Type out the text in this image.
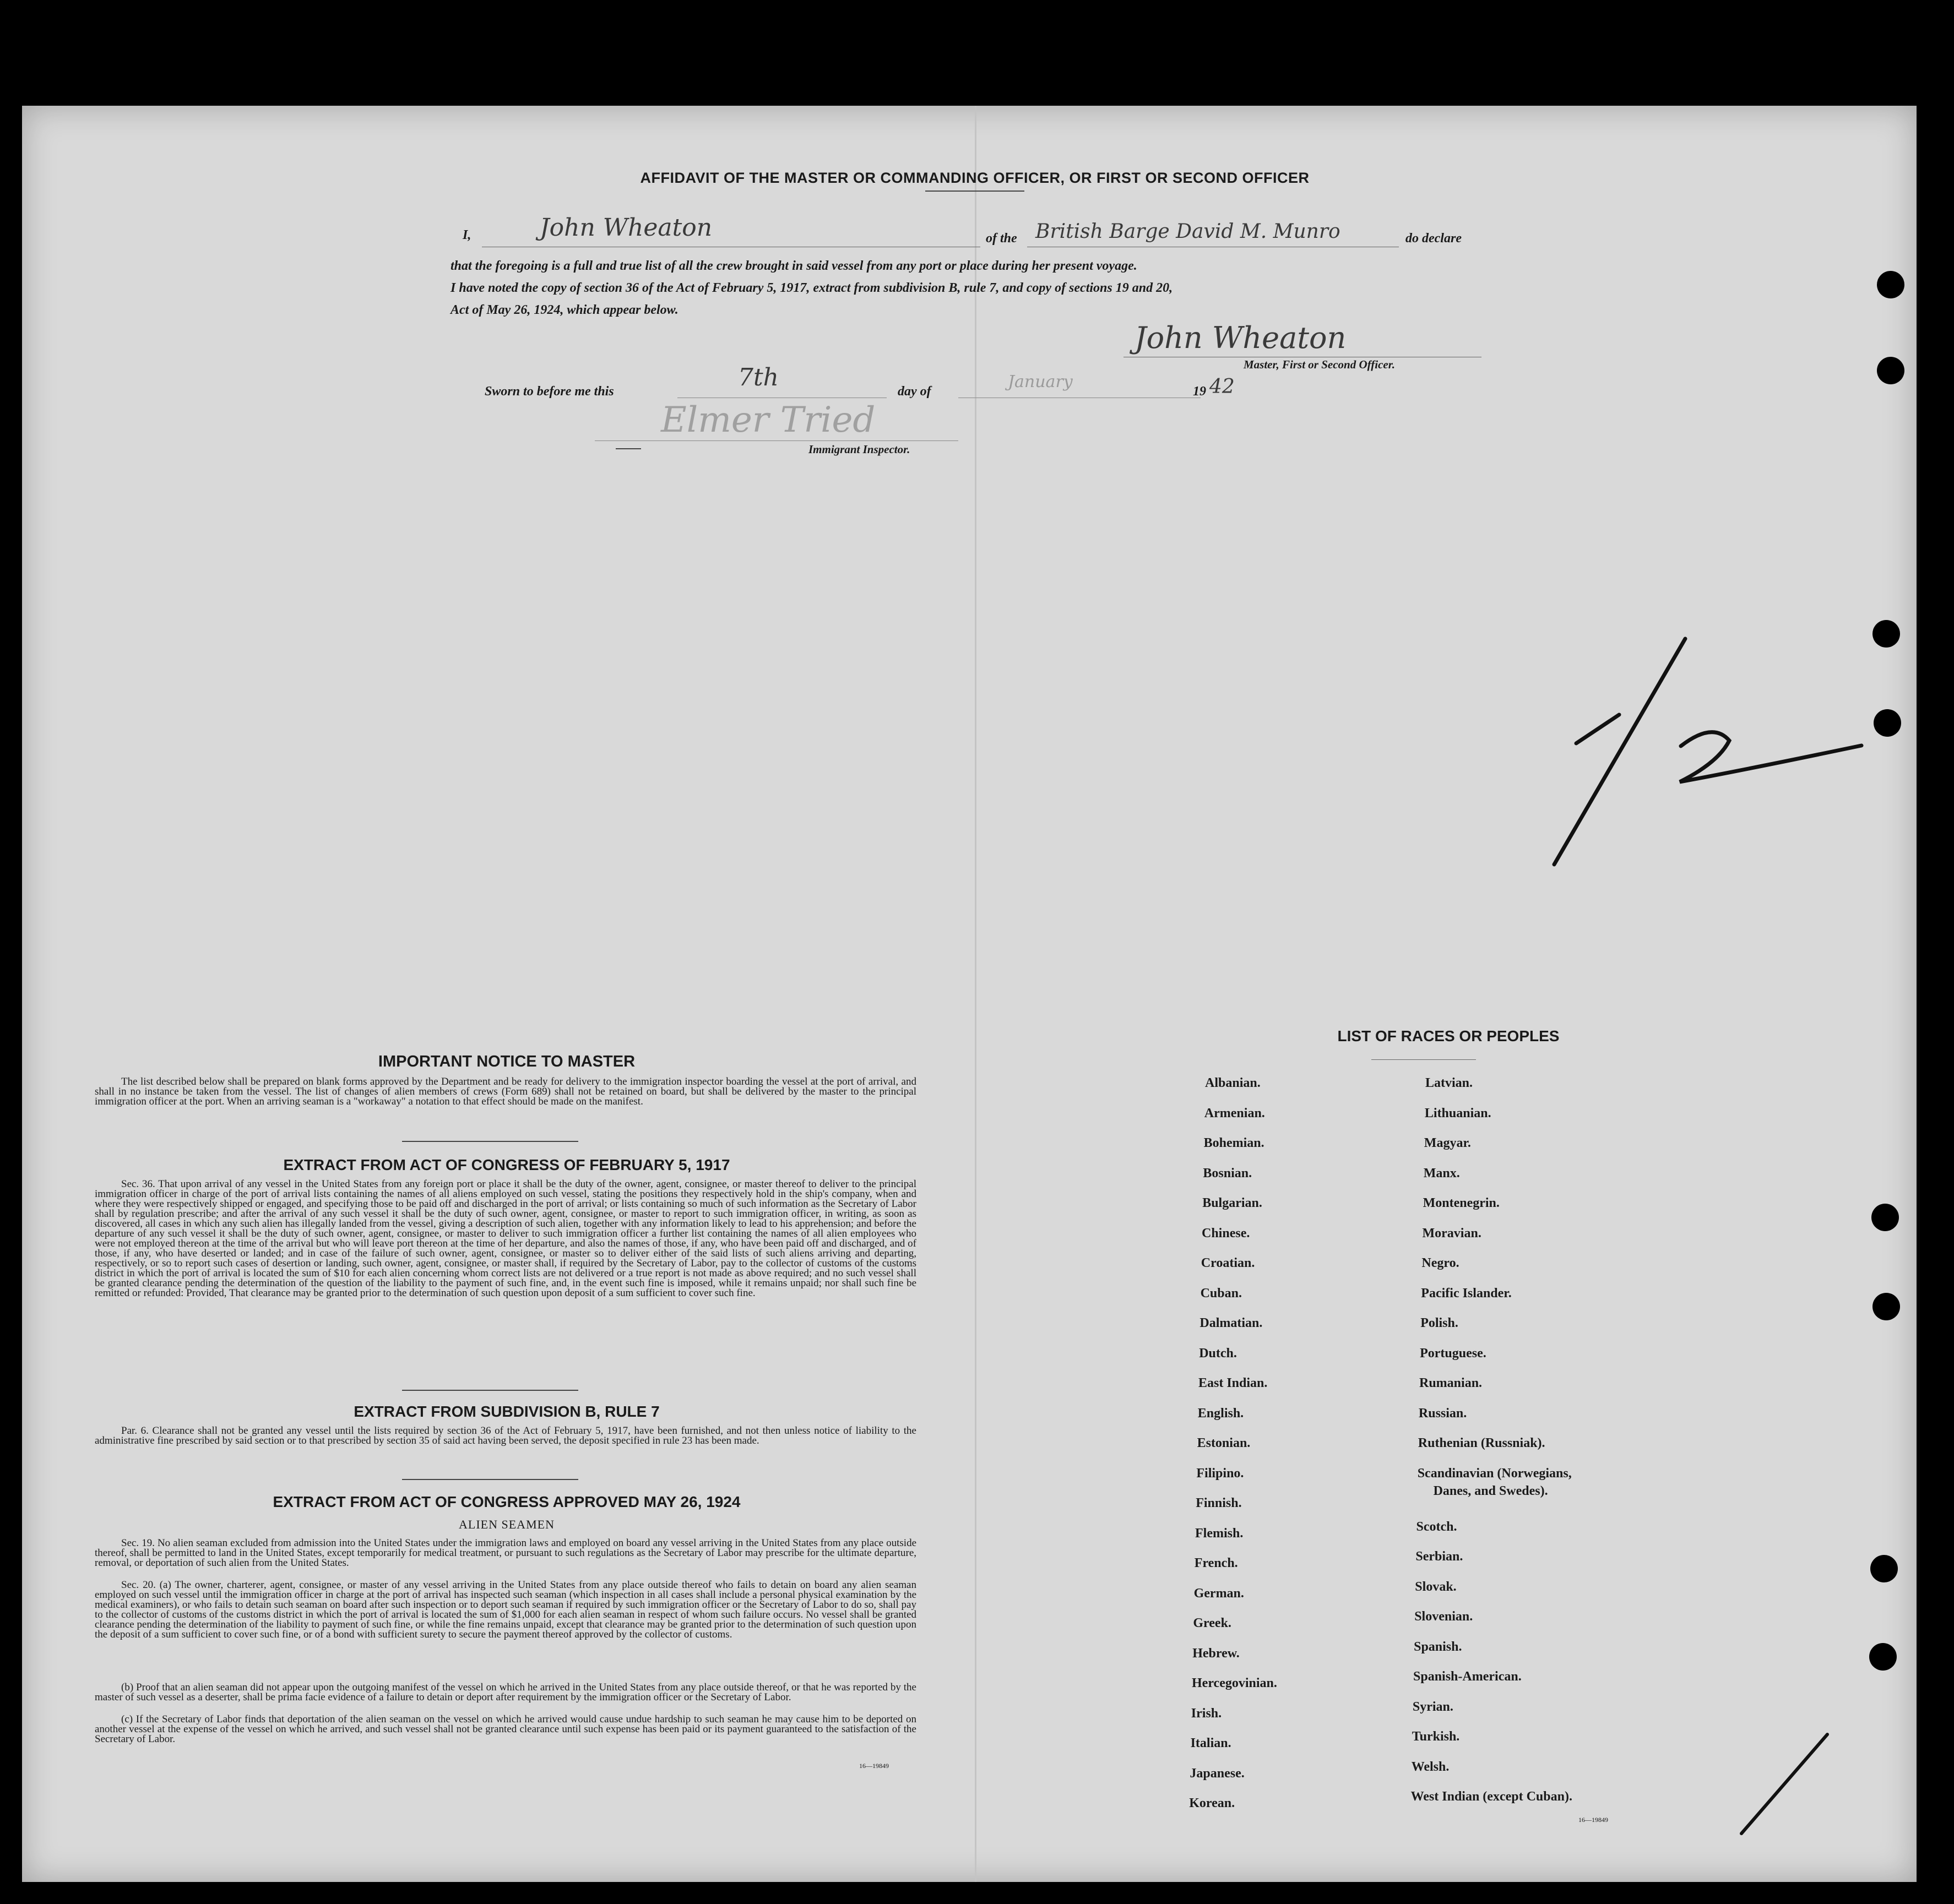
AFFIDAVIT OF THE MASTER OR COMMANDING OFFICER, OR FIRST OR SECOND OFFICER
I,	John Wheaton	of the British Barge David M. Munro	do declare
that the foregoing is a full and true list of all the crew brought in said vessel from any port or place during her present voyage.
I have noted the copy of section 36 of the Act of February 5, 1917, extract from subdivision B, rule 7, and copy of sections 19 and 20,
Act of May 26, 1924, which appear below.
John Wheaton
Master, First or Second Officer.
Sworn to before me this	7th	day of	January	19 42
Elmer Tried
Immigrant Inspector.
IMPORTANT NOTICE TO MASTER
The list described below shall be prepared on blank forms approved by the Department and be ready for delivery to the immigration inspector boarding the vessel at the port of arrival, and shall in no instance be taken from the vessel. The list of changes of alien members of crews (Form 689) shall not be retained on board, but shall be delivered by the master to the principal immigration officer at the port. When an arriving seaman is a "workaway" a notation to that effect should be made on the manifest.
EXTRACT FROM ACT OF CONGRESS OF FEBRUARY 5, 1917
Sec. 36. That upon arrival of any vessel in the United States from any foreign port or place it shall be the duty of the owner, agent, consignee, or master thereof to deliver to the principal immigration officer in charge of the port of arrival lists containing the names of all aliens employed on such vessel, stating the positions they respectively hold in the ship's company, when and where they were respectively shipped or engaged, and specifying those to be paid off and discharged in the port of arrival; or lists containing so much of such information as the Secretary of Labor shall by regulation prescribe; and after the arrival of any such vessel it shall be the duty of such owner, agent, consignee, or master to report to such immigration officer, in writing, as soon as discovered, all cases in which any such alien has illegally landed from the vessel, giving a description of such alien, together with any information likely to lead to his apprehension; and before the departure of any such vessel it shall be the duty of such owner, agent, consignee, or master to deliver to such immigration officer a further list containing the names of all alien employees who were not employed thereon at the time of the arrival but who will leave port thereon at the time of her departure, and also the names of those, if any, who have been paid off and discharged, and of those, if any, who have deserted or landed; and in case of the failure of such owner, agent, consignee, or master so to deliver either of the said lists of such aliens arriving and departing, respectively, or so to report such cases of desertion or landing, such owner, agent, consignee, or master shall, if required by the Secretary of Labor, pay to the collector of customs of the customs district in which the port of arrival is located the sum of $10 for each alien concerning whom correct lists are not delivered or a true report is not made as above required; and no such vessel shall be granted clearance pending the determination of the question of the liability to the payment of such fine, and, in the event such fine is imposed, while it remains unpaid; nor shall such fine be remitted or refunded: Provided, That clearance may be granted prior to the determination of such question upon deposit of a sum sufficient to cover such fine.
EXTRACT FROM SUBDIVISION B, RULE 7
Par. 6. Clearance shall not be granted any vessel until the lists required by section 36 of the Act of February 5, 1917, have been furnished, and not then unless notice of liability to the administrative fine prescribed by said section or to that prescribed by section 35 of said act having been served, the deposit specified in rule 23 has been made.
EXTRACT FROM ACT OF CONGRESS APPROVED MAY 26, 1924
ALIEN SEAMEN
Sec. 19. No alien seaman excluded from admission into the United States under the immigration laws and employed on board any vessel arriving in the United States from any place outside thereof, shall be permitted to land in the United States, except temporarily for medical treatment, or pursuant to such regulations as the Secretary of Labor may prescribe for the ultimate departure, removal, or deportation of such alien from the United States.
Sec. 20. (a) The owner, charterer, agent, consignee, or master of any vessel arriving in the United States from any place outside thereof who fails to detain on board any alien seaman employed on such vessel until the immigration officer in charge at the port of arrival has inspected such seaman (which inspection in all cases shall include a personal physical examination by the medical examiners), or who fails to detain such seaman on board after such inspection or to deport such seaman if required by such immigration officer or the Secretary of Labor to do so, shall pay to the collector of customs of the customs district in which the port of arrival is located the sum of $1,000 for each alien seaman in respect of whom such failure occurs. No vessel shall be granted clearance pending the determination of the liability to payment of such fine, or while the fine remains unpaid, except that clearance may be granted prior to the determination of such question upon the deposit of a sum sufficient to cover such fine, or of a bond with sufficient surety to secure the payment thereof approved by the collector of customs.
(b) Proof that an alien seaman did not appear upon the outgoing manifest of the vessel on which he arrived in the United States from any place outside thereof, or that he was reported by the master of such vessel as a deserter, shall be prima facie evidence of a failure to detain or deport after requirement by the immigration officer or the Secretary of Labor.
(c) If the Secretary of Labor finds that deportation of the alien seaman on the vessel on which he arrived would cause undue hardship to such seaman he may cause him to be deported on another vessel at the expense of the vessel on which he arrived, and such vessel shall not be granted clearance until such expense has been paid or its payment guaranteed to the satisfaction of the Secretary of Labor.
16—19849
LIST OF RACES OR PEOPLES
Albanian.
Armenian.
Bohemian.
Bosnian.
Bulgarian.
Chinese.
Croatian.
Cuban.
Dalmatian.
Dutch.
East Indian.
English.
Estonian.
Filipino.
Finnish.
Flemish.
French.
German.
Greek.
Hebrew.
Hercegovinian.
Irish.
Italian.
Japanese.
Korean.
Latvian.
Lithuanian.
Magyar.
Manx.
Montenegrin.
Moravian.
Negro.
Pacific Islander.
Polish.
Portuguese.
Rumanian.
Russian.
Ruthenian (Russniak).
Scandinavian (Norwegians,
Danes, and Swedes).
Scotch.
Serbian.
Slovak.
Slovenian.
Spanish.
Spanish-American.
Syrian.
Turkish.
Welsh.
West Indian (except Cuban).
16—19849
